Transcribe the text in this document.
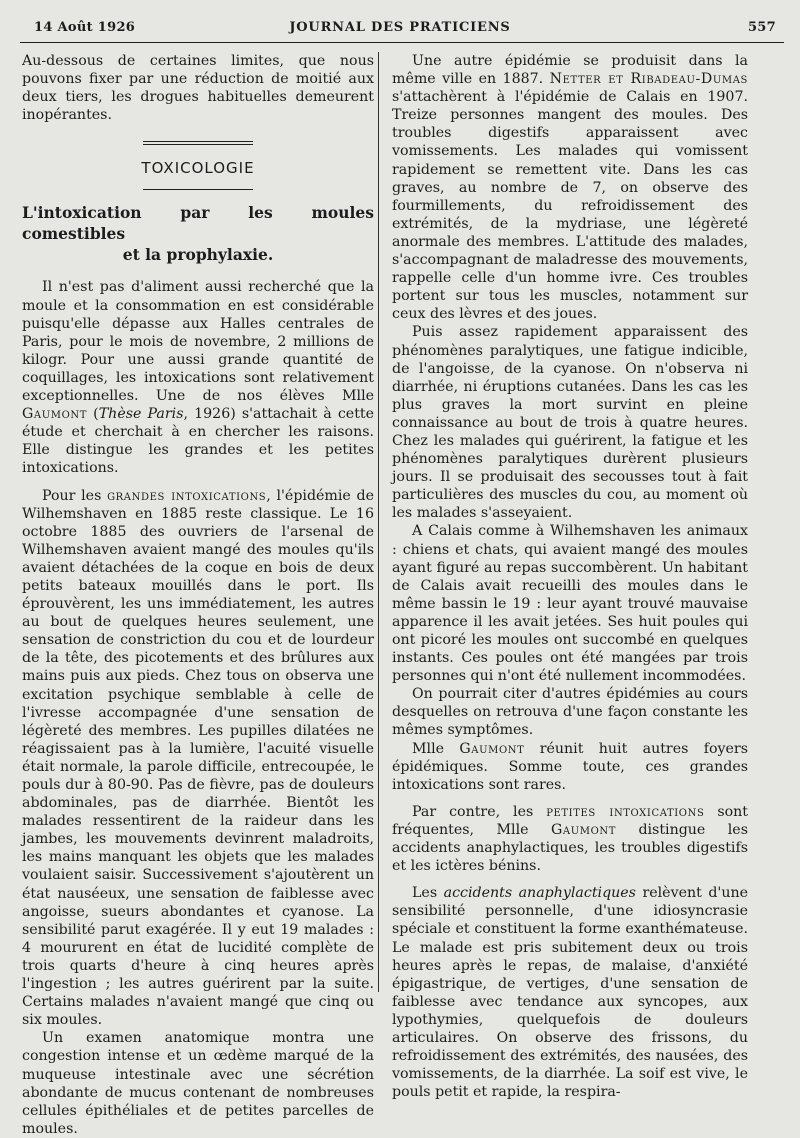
14 Août 1926	JOURNAL DES PRATICIENS	557

Au-dessous de certaines limites, que nous pouvons fixer par une réduction de moitié aux deux tiers, les drogues habituelles demeurent inopérantes.

TOXICOLOGIE
L'intoxication par les moules comestibles
et la prophylaxie.

Il n'est pas d'aliment aussi recherché que la moule et la consommation en est considérable puisqu'elle dépasse aux Halles centrales de Paris, pour le mois de novembre, 2 millions de kilogr. Pour une aussi grande quantité de coquillages, les intoxications sont relativement exceptionnelles. Une de nos élèves Mlle Gaumont (Thèse Paris, 1926) s'attachait à cette étude et cherchait à en chercher les raisons. Elle distingue les grandes et les petites intoxications.

Pour les grandes intoxications, l'épidémie de Wilhemshaven en 1885 reste classique. Le 16 octobre 1885 des ouvriers de l'arsenal de Wilhemshaven avaient mangé des moules qu'ils avaient détachées de la coque en bois de deux petits bateaux mouillés dans le port. Ils éprouvèrent, les uns immédiatement, les autres au bout de quelques heures seulement, une sensation de constriction du cou et de lourdeur de la tête, des picotements et des brûlures aux mains puis aux pieds. Chez tous on observa une excitation psychique semblable à celle de l'ivresse accompagnée d'une sensation de légèreté des membres. Les pupilles dilatées ne réagissaient pas à la lumière, l'acuité visuelle était normale, la parole difficile, entrecoupée, le pouls dur à 80-90. Pas de fièvre, pas de douleurs abdominales, pas de diarrhée. Bientôt les malades ressentirent de la raideur dans les jambes, les mouvements devinrent maladroits, les mains manquant les objets que les malades voulaient saisir. Successivement s'ajoutèrent un état nauséeux, une sensation de faiblesse avec angoisse, sueurs abondantes et cyanose. La sensibilité parut exagérée. Il y eut 19 malades : 4 moururent en état de lucidité complète de trois quarts d'heure à cinq heures après l'ingestion ; les autres guérirent par la suite. Certains malades n'avaient mangé que cinq ou six moules.

Un examen anatomique montra une congestion intense et un œdème marqué de la muqueuse intestinale avec une sécrétion abondante de mucus contenant de nombreuses cellules épithéliales et de petites parcelles de moules.

Une autre épidémie se produisit dans la même ville en 1887. Netter et Ribadeau-Dumas s'attachèrent à l'épidémie de Calais en 1907. Treize personnes mangent des moules. Des troubles digestifs apparaissent avec vomissements. Les malades qui vomissent rapidement se remettent vite. Dans les cas graves, au nombre de 7, on observe des fourmillements, du refroidissement des extrémités, de la mydriase, une légèreté anormale des membres. L'attitude des malades, s'accompagnant de maladresse des mouvements, rappelle celle d'un homme ivre. Ces troubles portent sur tous les muscles, notamment sur ceux des lèvres et des joues.

Puis assez rapidement apparaissent des phénomènes paralytiques, une fatigue indicible, de l'angoisse, de la cyanose. On n'observa ni diarrhée, ni éruptions cutanées. Dans les cas les plus graves la mort survint en pleine connaissance au bout de trois à quatre heures. Chez les malades qui guérirent, la fatigue et les phénomènes paralytiques durèrent plusieurs jours. Il se produisait des secousses tout à fait particulières des muscles du cou, au moment où les malades s'asseyaient.

A Calais comme à Wilhemshaven les animaux : chiens et chats, qui avaient mangé des moules ayant figuré au repas succombèrent. Un habitant de Calais avait recueilli des moules dans le même bassin le 19 : leur ayant trouvé mauvaise apparence il les avait jetées. Ses huit poules qui ont picoré les moules ont succombé en quelques instants. Ces poules ont été mangées par trois personnes qui n'ont été nullement incommodées.

On pourrait citer d'autres épidémies au cours desquelles on retrouva d'une façon constante les mêmes symptômes.

Mlle Gaumont réunit huit autres foyers épidémiques. Somme toute, ces grandes intoxications sont rares.

Par contre, les petites intoxications sont fréquentes, Mlle Gaumont distingue les accidents anaphylactiques, les troubles digestifs et les ictères bénins.

Les accidents anaphylactiques relèvent d'une sensibilité personnelle, d'une idiosyncrasie spéciale et constituent la forme exanthémateuse. Le malade est pris subitement deux ou trois heures après le repas, de malaise, d'anxiété épigastrique, de vertiges, d'une sensation de faiblesse avec tendance aux syncopes, aux lypothymies, quelquefois de douleurs articulaires. On observe des frissons, du refroidissement des extrémités, des nausées, des vomissements, de la diarrhée. La soif est vive, le pouls petit et rapide, la respira-
